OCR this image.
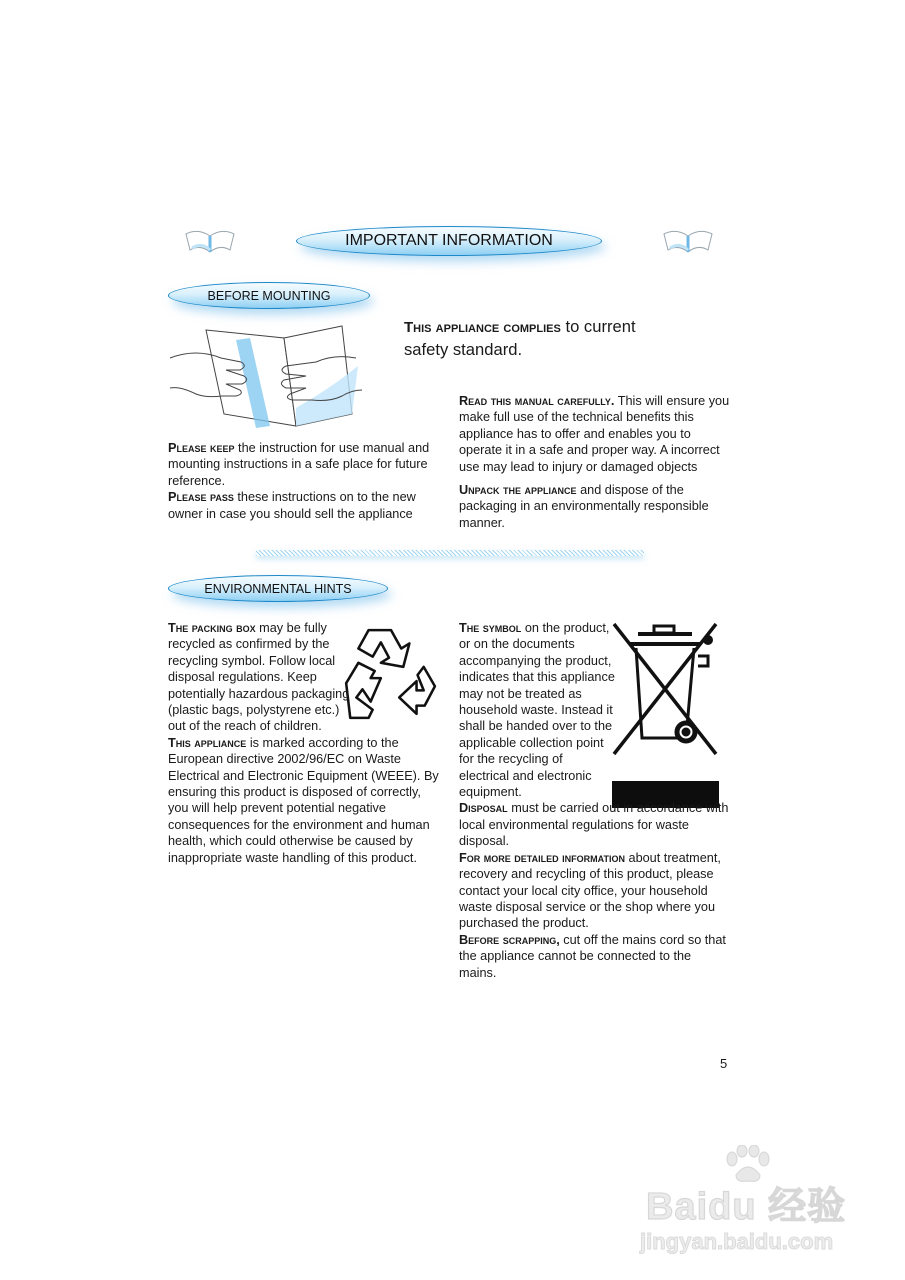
IMPORTANT INFORMATION
BEFORE MOUNTING
This appliance complies to current
safety standard.

Read this manual carefully. This will ensure you make full use of the technical benefits this appliance has to offer and enables you to operate it in a safe and proper way. A incorrect use may lead to injury or damaged objects

Unpack the appliance and dispose of the packaging in an environmentally responsible manner.

Please keep the instruction for use manual and mounting instructions in a safe place for future reference.

Please pass these instructions on to the new owner in case you should sell the appliance

ENVIRONMENTAL HINTS

The packing box may be fully recycled as confirmed by the recycling symbol. Follow local disposal regulations. Keep potentially hazardous packaging (plastic bags, polystyrene etc.) out of the reach of children.

This appliance is marked according to the European directive 2002/96/EC on Waste Electrical and Electronic Equipment (WEEE). By ensuring this product is disposed of correctly, you will help prevent potential negative consequences for the environment and human health, which could otherwise be caused by inappropriate waste handling of this product.

The symbol on the product, or on the documents accompanying the product, indicates that this appliance may not be treated as household waste. Instead it shall be handed over to the applicable collection point for the recycling of electrical and electronic equipment.

Disposal must be carried out in accordance with local environmental regulations for waste disposal.

For more detailed information about treatment, recovery and recycling of this product, please contact your local city office, your household waste disposal service or the shop where you purchased the product.

Before scrapping, cut off the mains cord so that the appliance cannot be connected to the mains.

5
Baidu 经验
jingyan.baidu.com
